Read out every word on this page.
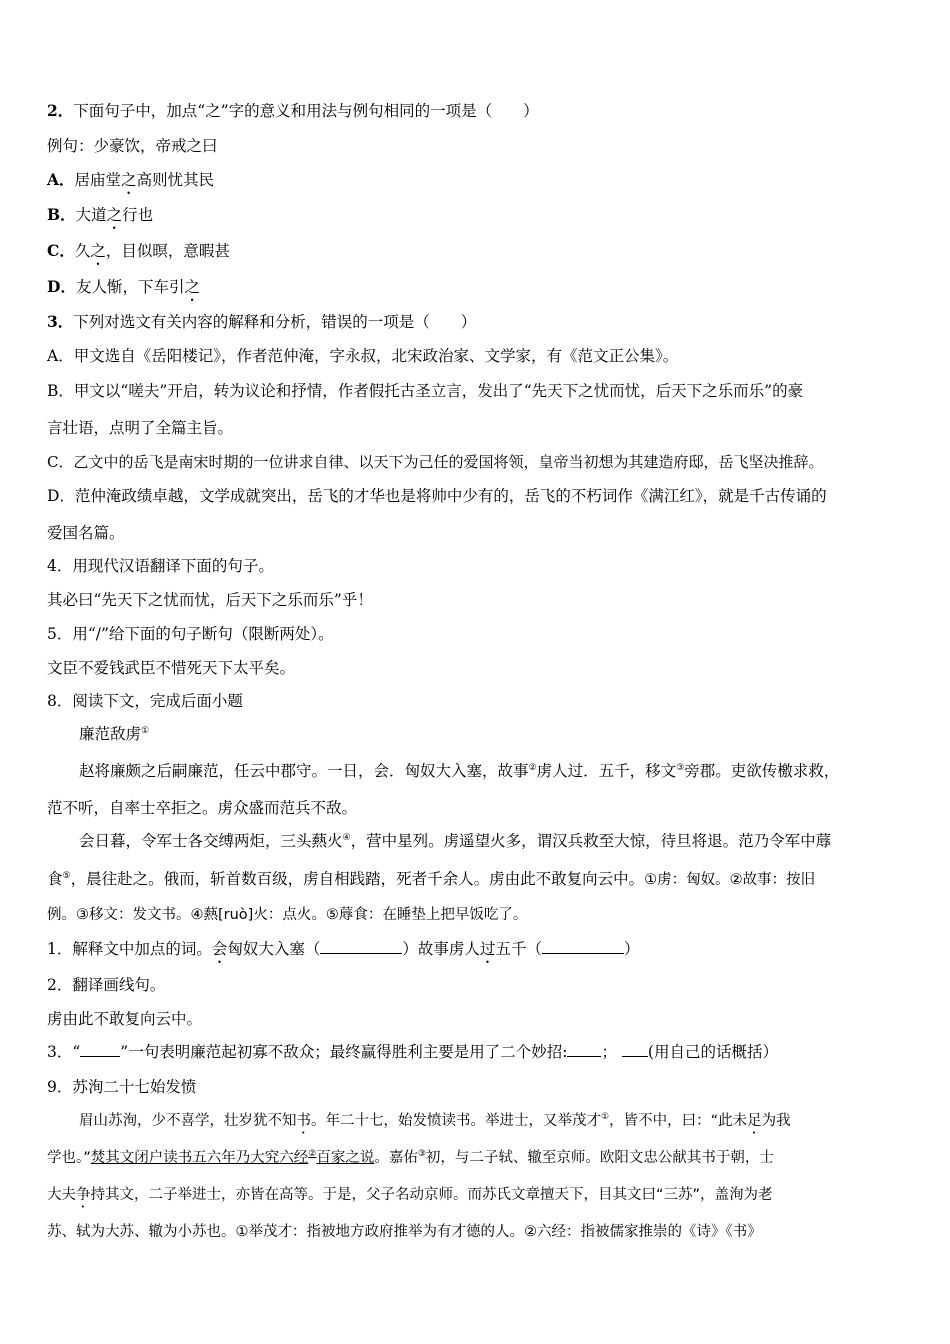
2．下面句子中，加点“之”字的意义和用法与例句相同的一项是（　　）
例句：少豪饮，帝戒之曰
A．居庙堂之高则忧其民
B．大道之行也
C．久之，目似暝，意暇甚
D．友人惭，下车引之
3．下列对选文有关内容的解释和分析，错误的一项是（　　）
A．甲文选自《岳阳楼记》，作者范仲淹，字永叔，北宋政治家、文学家，有《范文正公集》。
B．甲文以“嗟夫”开启，转为议论和抒情，作者假托古圣立言，发出了“先天下之忧而忧，后天下之乐而乐”的豪
言壮语，点明了全篇主旨。
C．乙文中的岳飞是南宋时期的一位讲求自律、以天下为己任的爱国将领，皇帝当初想为其建造府邸，岳飞坚决推辞。
D．范仲淹政绩卓越，文学成就突出，岳飞的才华也是将帅中少有的，岳飞的不朽词作《满江红》，就是千古传诵的
爱国名篇。
4．用现代汉语翻译下面的句子。
其必曰“先天下之忧而忧，后天下之乐而乐”乎！
5．用“/”给下面的句子断句（限断两处）。
文臣不爱钱武臣不惜死天下太平矣。
8．阅读下文，完成后面小题
廉范敌虏①
赵将廉颇之后嗣廉范，任云中郡守。一日，会．匈奴大入塞，故事②虏人过．五千，移文③旁郡。吏欲传檄求救，
范不听，自率士卒拒之。虏众盛而范兵不敌。
会日暮，令军士各交缚两炬，三头爇火④，营中星列。虏遥望火多，谓汉兵救至大惊，待旦将退。范乃令军中蓐
食⑤，晨往赴之。俄而，斩首数百级，虏自相践踏，死者千余人。虏由此不敢复向云中。①虏：匈奴。②故事：按旧
例。③移文：发文书。④爇[ruò]火：点火。⑤蓐食：在睡垫上把早饭吃了。
1．解释文中加点的词。会匈奴大入塞（	）故事虏人过五千（	）
2．翻译画线句。
虏由此不敢复向云中。
3．“	”一句表明廉范起初寡不敌众；最终赢得胜利主要是用了二个妙招: ； (用自己的话概括）
9．苏洵二十七始发愤
眉山苏洵，少不喜学，壮岁犹不知书。年二十七，始发愤读书。举进士，又举茂才①，皆不中，曰：“此未足为我
学也。”焚其文闭户读书五六年乃大究六经②百家之说。嘉佑③初，与二子轼、辙至京师。欧阳文忠公献其书于朝，士
大夫争持其文，二子举进士，亦皆在高等。于是，父子名动京师。而苏氏文章擅天下，目其文曰“三苏”，盖洵为老
苏、轼为大苏、辙为小苏也。①举茂才：指被地方政府推举为有才德的人。②六经：指被儒家推崇的《诗》《书》
